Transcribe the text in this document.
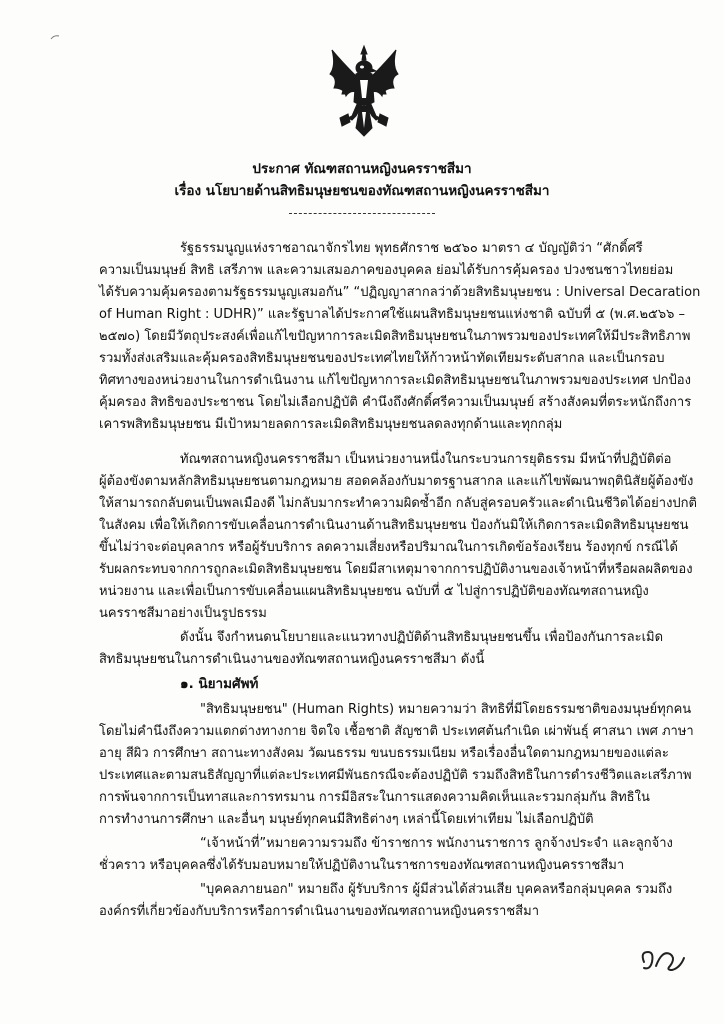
ประกาศ ทัณฑสถานหญิงนครราชสีมา
เรื่อง นโยบายด้านสิทธิมนุษยชนของทัณฑสถานหญิงนครราชสีมา
รัฐธรรมนูญแห่งราชอาณาจักรไทย พุทธศักราช ๒๕๖๐ มาตรา ๔ บัญญัติว่า “ศักดิ์ศรี
ความเป็นมนุษย์ สิทธิ เสรีภาพ และความเสมอภาคของบุคคล ย่อมได้รับการคุ้มครอง ปวงชนชาวไทยย่อม
ได้รับความคุ้มครองตามรัฐธรรมนูญเสมอกัน” “ปฏิญญาสากลว่าด้วยสิทธิมนุษยชน : Universal Decaration
of Human Right : UDHR)” และรัฐบาลได้ประกาศใช้แผนสิทธิมนุษยชนแห่งชาติ ฉบับที่ ๕ (พ.ศ.๒๕๖๖ –
๒๕๗๐) โดยมีวัตถุประสงค์เพื่อแก้ไขปัญหาการละเมิดสิทธิมนุษยชนในภาพรวมของประเทศให้มีประสิทธิภาพ
รวมทั้งส่งเสริมและคุ้มครองสิทธิมนุษยชนของประเทศไทยให้ก้าวหน้าทัดเทียมระดับสากล และเป็นกรอบ
ทิศทางของหน่วยงานในการดำเนินงาน แก้ไขปัญหาการละเมิดสิทธิมนุษยชนในภาพรวมของประเทศ ปกป้อง
คุ้มครอง สิทธิของประชาชน โดยไม่เลือกปฏิบัติ คำนึงถึงศักดิ์ศรีความเป็นมนุษย์ สร้างสังคมที่ตระหนักถึงการ
เคารพสิทธิมนุษยชน มีเป้าหมายลดการละเมิดสิทธิมนุษยชนลดลงทุกด้านและทุกกลุ่ม
ทัณฑสถานหญิงนครราชสีมา เป็นหน่วยงานหนึ่งในกระบวนการยุติธรรม มีหน้าที่ปฏิบัติต่อ
ผู้ต้องขังตามหลักสิทธิมนุษยชนตามกฎหมาย สอดคล้องกับมาตรฐานสากล และแก้ไขพัฒนาพฤตินิสัยผู้ต้องขัง
ให้สามารถกลับตนเป็นพลเมืองดี ไม่กลับมากระทำความผิดซ้ำอีก กลับสู่ครอบครัวและดำเนินชีวิตได้อย่างปกติ
ในสังคม เพื่อให้เกิดการขับเคลื่อนการดำเนินงานด้านสิทธิมนุษยชน ป้องกันมิให้เกิดการละเมิดสิทธิมนุษยชน
ขึ้นไม่ว่าจะต่อบุคลากร หรือผู้รับบริการ ลดความเสี่ยงหรือปริมาณในการเกิดข้อร้องเรียน ร้องทุกข์ กรณีได้
รับผลกระทบจากการถูกละเมิดสิทธิมนุษยชน โดยมีสาเหตุมาจากการปฏิบัติงานของเจ้าหน้าที่หรือผลผลิตของ
หน่วยงาน และเพื่อเป็นการขับเคลื่อนแผนสิทธิมนุษยชน ฉบับที่ ๕ ไปสู่การปฏิบัติของทัณฑสถานหญิง
นครราชสีมาอย่างเป็นรูปธรรม
ดังนั้น จึงกำหนดนโยบายและแนวทางปฏิบัติด้านสิทธิมนุษยชนขึ้น เพื่อป้องกันการละเมิด
สิทธิมนุษยชนในการดำเนินงานของทัณฑสถานหญิงนครราชสีมา ดังนี้
๑. นิยามศัพท์
"สิทธิมนุษยชน" (Human Rights) หมายความว่า สิทธิที่มีโดยธรรมชาติของมนุษย์ทุกคน
โดยไม่คำนึงถึงความแตกต่างทางกาย จิตใจ เชื้อชาติ สัญชาติ ประเทศต้นกำเนิด เผ่าพันธุ์ ศาสนา เพศ ภาษา
อายุ สีผิว การศึกษา สถานะทางสังคม วัฒนธรรม ขนบธรรมเนียม หรือเรื่องอื่นใดตามกฎหมายของแต่ละ
ประเทศและตามสนธิสัญญาที่แต่ละประเทศมีพันธกรณีจะต้องปฏิบัติ รวมถึงสิทธิในการดำรงชีวิตและเสรีภาพ
การพ้นจากการเป็นทาสและการทรมาน การมีอิสระในการแสดงความคิดเห็นและรวมกลุ่มกัน สิทธิใน
การทำงานการศึกษา และอื่นๆ มนุษย์ทุกคนมีสิทธิต่างๆ เหล่านี้โดยเท่าเทียม ไม่เลือกปฏิบัติ
“เจ้าหน้าที่”หมายความรวมถึง ข้าราชการ พนักงานราชการ ลูกจ้างประจำ และลูกจ้าง
ชั่วคราว หรือบุคคลซึ่งได้รับมอบหมายให้ปฏิบัติงานในราชการของทัณฑสถานหญิงนครราชสีมา
"บุคคลภายนอก" หมายถึง ผู้รับบริการ ผู้มีส่วนได้ส่วนเสีย บุคคลหรือกลุ่มบุคคล รวมถึง
องค์กรที่เกี่ยวข้องกับบริการหรือการดำเนินงานของทัณฑสถานหญิงนครราชสีมา
